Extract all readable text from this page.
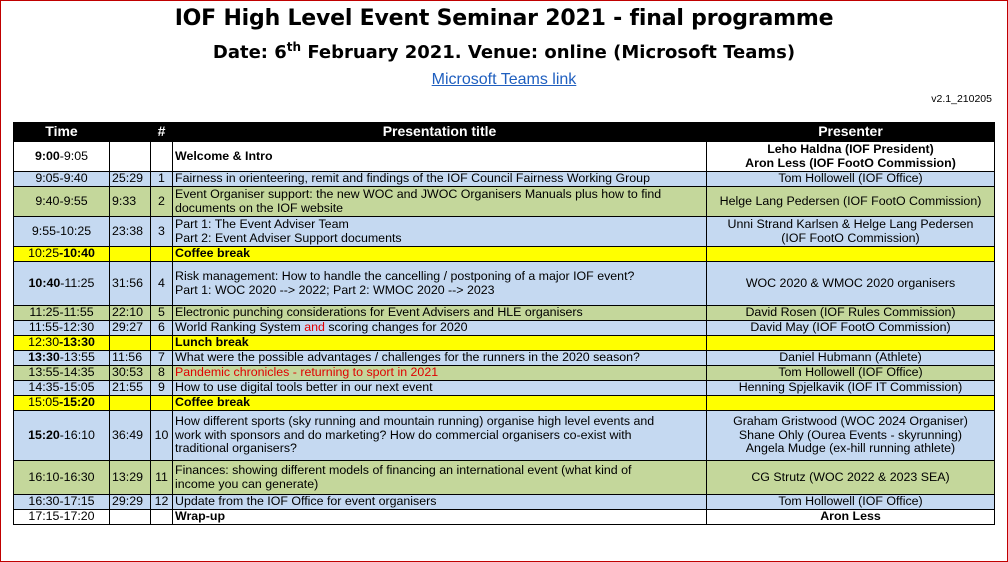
IOF High Level Event Seminar 2021 - final programme
Date: 6th February 2021. Venue: online (Microsoft Teams)
Microsoft Teams link
v2.1_210205
Time		#	Presentation title	Presenter
9:00-9:05			Welcome & Intro	Leho Haldna (IOF President)
Aron Less (IOF FootO Commission)
9:05-9:40	25:29	1	Fairness in orienteering, remit and findings of the IOF Council Fairness Working Group	Tom Hollowell (IOF Office)
9:40-9:55	9:33	2	Event Organiser support: the new WOC and JWOC Organisers Manuals plus how to find
documents on the IOF website	Helge Lang Pedersen (IOF FootO Commission)
9:55-10:25	23:38	3	Part 1: The Event Adviser Team
Part 2: Event Adviser Support documents	Unni Strand Karlsen & Helge Lang Pedersen
(IOF FootO Commission)
10:25-10:40			Coffee break	
10:40-11:25	31:56	4	Risk management: How to handle the cancelling / postponing of a major IOF event?
Part 1: WOC 2020 --> 2022; Part 2: WMOC 2020 --> 2023	WOC 2020 & WMOC 2020 organisers
11:25-11:55	22:10	5	Electronic punching considerations for Event Advisers and HLE organisers	David Rosen (IOF Rules Commission)
11:55-12:30	29:27	6	World Ranking System and scoring changes for 2020	David May (IOF FootO Commission)
12:30-13:30			Lunch break	
13:30-13:55	11:56	7	What were the possible advantages / challenges for the runners in the 2020 season?	Daniel Hubmann (Athlete)
13:55-14:35	30:53	8	Pandemic chronicles - returning to sport in 2021	Tom Hollowell (IOF Office)
14:35-15:05	21:55	9	How to use digital tools better in our next event	Henning Spjelkavik (IOF IT Commission)
15:05-15:20			Coffee break	
15:20-16:10	36:49	10	How different sports (sky running and mountain running) organise high level events and
work with sponsors and do marketing? How do commercial organisers co-exist with
traditional organisers?	Graham Gristwood (WOC 2024 Organiser)
Shane Ohly (Ourea Events - skyrunning)
Angela Mudge (ex-hill running athlete)
16:10-16:30	13:29	11	Finances: showing different models of financing an international event (what kind of
income you can generate)	CG Strutz (WOC 2022 & 2023 SEA)
16:30-17:15	29:29	12	Update from the IOF Office for event organisers	Tom Hollowell (IOF Office)
17:15-17:20			Wrap-up	Aron Less
